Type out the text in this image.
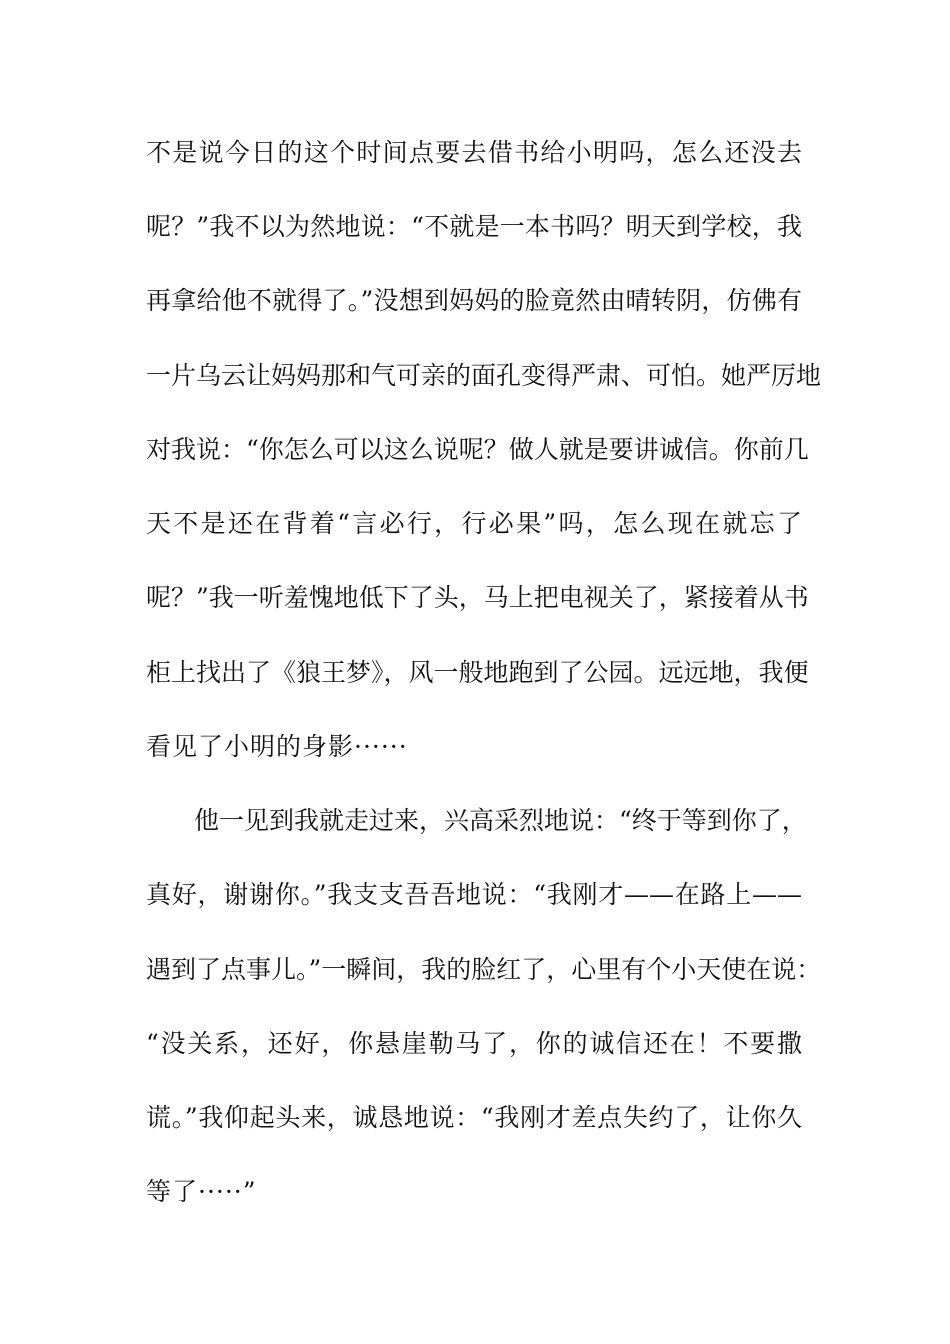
不是说今日的这个时间点要去借书给小明吗，怎么还没去
呢？”我不以为然地说：“不就是一本书吗？明天到学校，我
再拿给他不就得了。”没想到妈妈的脸竟然由晴转阴，仿佛有
一片乌云让妈妈那和气可亲的面孔变得严肃、可怕。她严厉地
对我说：“你怎么可以这么说呢？做人就是要讲诚信。你前几
天不是还在背着“言必行，行必果”吗，怎么现在就忘了
呢？”我一听羞愧地低下了头，马上把电视关了，紧接着从书
柜上找出了《狼王梦》，风一般地跑到了公园。远远地，我便
看见了小明的身影······
他一见到我就走过来，兴高采烈地说：“终于等到你了，
真好，谢谢你。”我支支吾吾地说：“我刚才——在路上——
遇到了点事儿。”一瞬间，我的脸红了，心里有个小天使在说：
“没关系，还好，你悬崖勒马了，你的诚信还在！不要撒
谎。”我仰起头来，诚恳地说：“我刚才差点失约了，让你久
等了·····”
